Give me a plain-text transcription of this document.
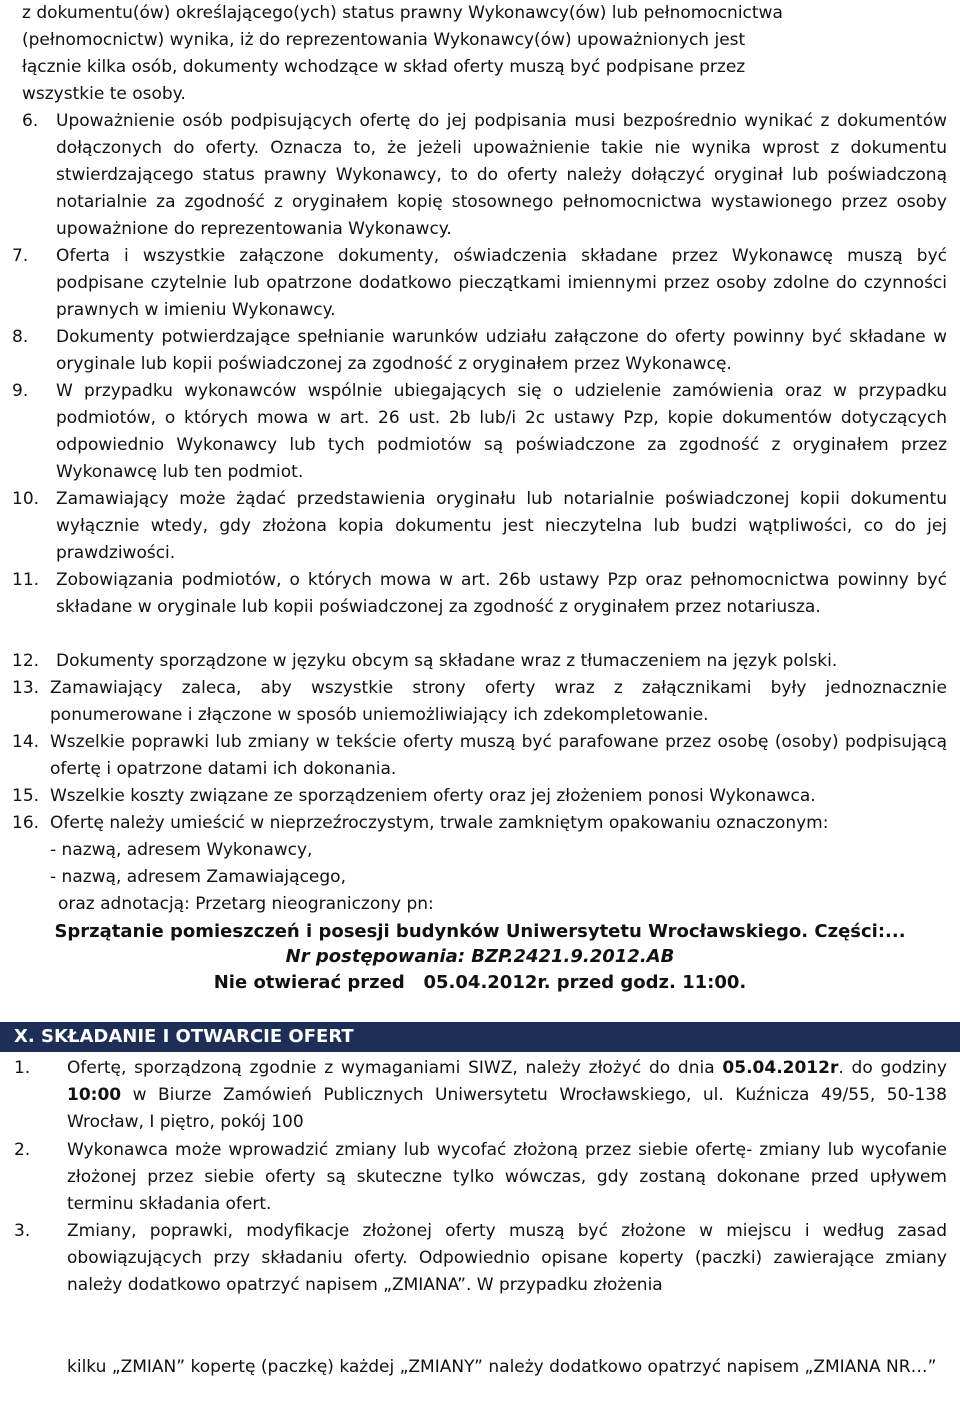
z dokumentu(ów) określającego(ych) status prawny Wykonawcy(ów) lub pełnomocnictwa
(pełnomocnictw) wynika, iż do reprezentowania Wykonawcy(ów) upoważnionych jest
łącznie kilka osób, dokumenty wchodzące w skład oferty muszą być podpisane przez
wszystkie te osoby.
6. Upoważnienie osób podpisujących ofertę do jej podpisania musi bezpośrednio wynikać z dokumentów dołączonych do oferty. Oznacza to, że jeżeli upoważnienie takie nie wynika wprost z dokumentu stwierdzającego status prawny Wykonawcy, to do oferty należy dołączyć oryginał lub poświadczoną notarialnie za zgodność z oryginałem kopię stosownego pełnomocnictwa wystawionego przez osoby upoważnione do reprezentowania Wykonawcy.
7. Oferta i wszystkie załączone dokumenty, oświadczenia składane przez Wykonawcę muszą być podpisane czytelnie lub opatrzone dodatkowo pieczątkami imiennymi przez osoby zdolne do czynności prawnych w imieniu Wykonawcy.
8. Dokumenty potwierdzające spełnianie warunków udziału załączone do oferty powinny być składane w oryginale lub kopii poświadczonej za zgodność z oryginałem przez Wykonawcę.
9. W przypadku wykonawców wspólnie ubiegających się o udzielenie zamówienia oraz w przypadku podmiotów, o których mowa w art. 26 ust. 2b lub/i 2c ustawy Pzp, kopie dokumentów dotyczących odpowiednio Wykonawcy lub tych podmiotów są poświadczone za zgodność z oryginałem przez Wykonawcę lub ten podmiot.
10. Zamawiający może żądać przedstawienia oryginału lub notarialnie poświadczonej kopii dokumentu wyłącznie wtedy, gdy złożona kopia dokumentu jest nieczytelna lub budzi wątpliwości, co do jej prawdziwości.
11. Zobowiązania podmiotów, o których mowa w art. 26b ustawy Pzp oraz pełnomocnictwa powinny być składane w oryginale lub kopii poświadczonej za zgodność z oryginałem przez notariusza.
12. Dokumenty sporządzone w języku obcym są składane wraz z tłumaczeniem na język polski.
13. Zamawiający zaleca, aby wszystkie strony oferty wraz z załącznikami były jednoznacznie ponumerowane i złączone w sposób uniemożliwiający ich zdekompletowanie.
14. Wszelkie poprawki lub zmiany w tekście oferty muszą być parafowane przez osobę (osoby) podpisującą ofertę i opatrzone datami ich dokonania.
15. Wszelkie koszty związane ze sporządzeniem oferty oraz jej złożeniem ponosi Wykonawca.
16. Ofertę należy umieścić w nieprzeźroczystym, trwale zamkniętym opakowaniu oznaczonym:
- nazwą, adresem Wykonawcy,
- nazwą, adresem Zamawiającego,
oraz adnotacją: Przetarg nieograniczony pn:
Sprzątanie pomieszczeń i posesji budynków Uniwersytetu Wrocławskiego. Części:...
Nr postępowania: BZP.2421.9.2012.AB
Nie otwierać przed   05.04.2012r. przed godz. 11:00.
X. SKŁADANIE I OTWARCIE OFERT
1. Ofertę, sporządzoną zgodnie z wymaganiami SIWZ, należy złożyć do dnia 05.04.2012r. do godziny 10:00 w Biurze Zamówień Publicznych Uniwersytetu Wrocławskiego, ul. Kuźnicza 49/55, 50-138 Wrocław, I piętro, pokój 100
2. Wykonawca może wprowadzić zmiany lub wycofać złożoną przez siebie ofertę- zmiany lub wycofanie złożonej przez siebie oferty są skuteczne tylko wówczas, gdy zostaną dokonane przed upływem terminu składania ofert.
3. Zmiany, poprawki, modyfikacje złożonej oferty muszą być złożone w miejscu i według zasad obowiązujących przy składaniu oferty. Odpowiednio opisane koperty (paczki) zawierające zmiany należy dodatkowo opatrzyć napisem „ZMIANA”. W przypadku złożenia
kilku „ZMIAN” kopertę (paczkę) każdej „ZMIANY” należy dodatkowo opatrzyć napisem „ZMIANA NR…”
